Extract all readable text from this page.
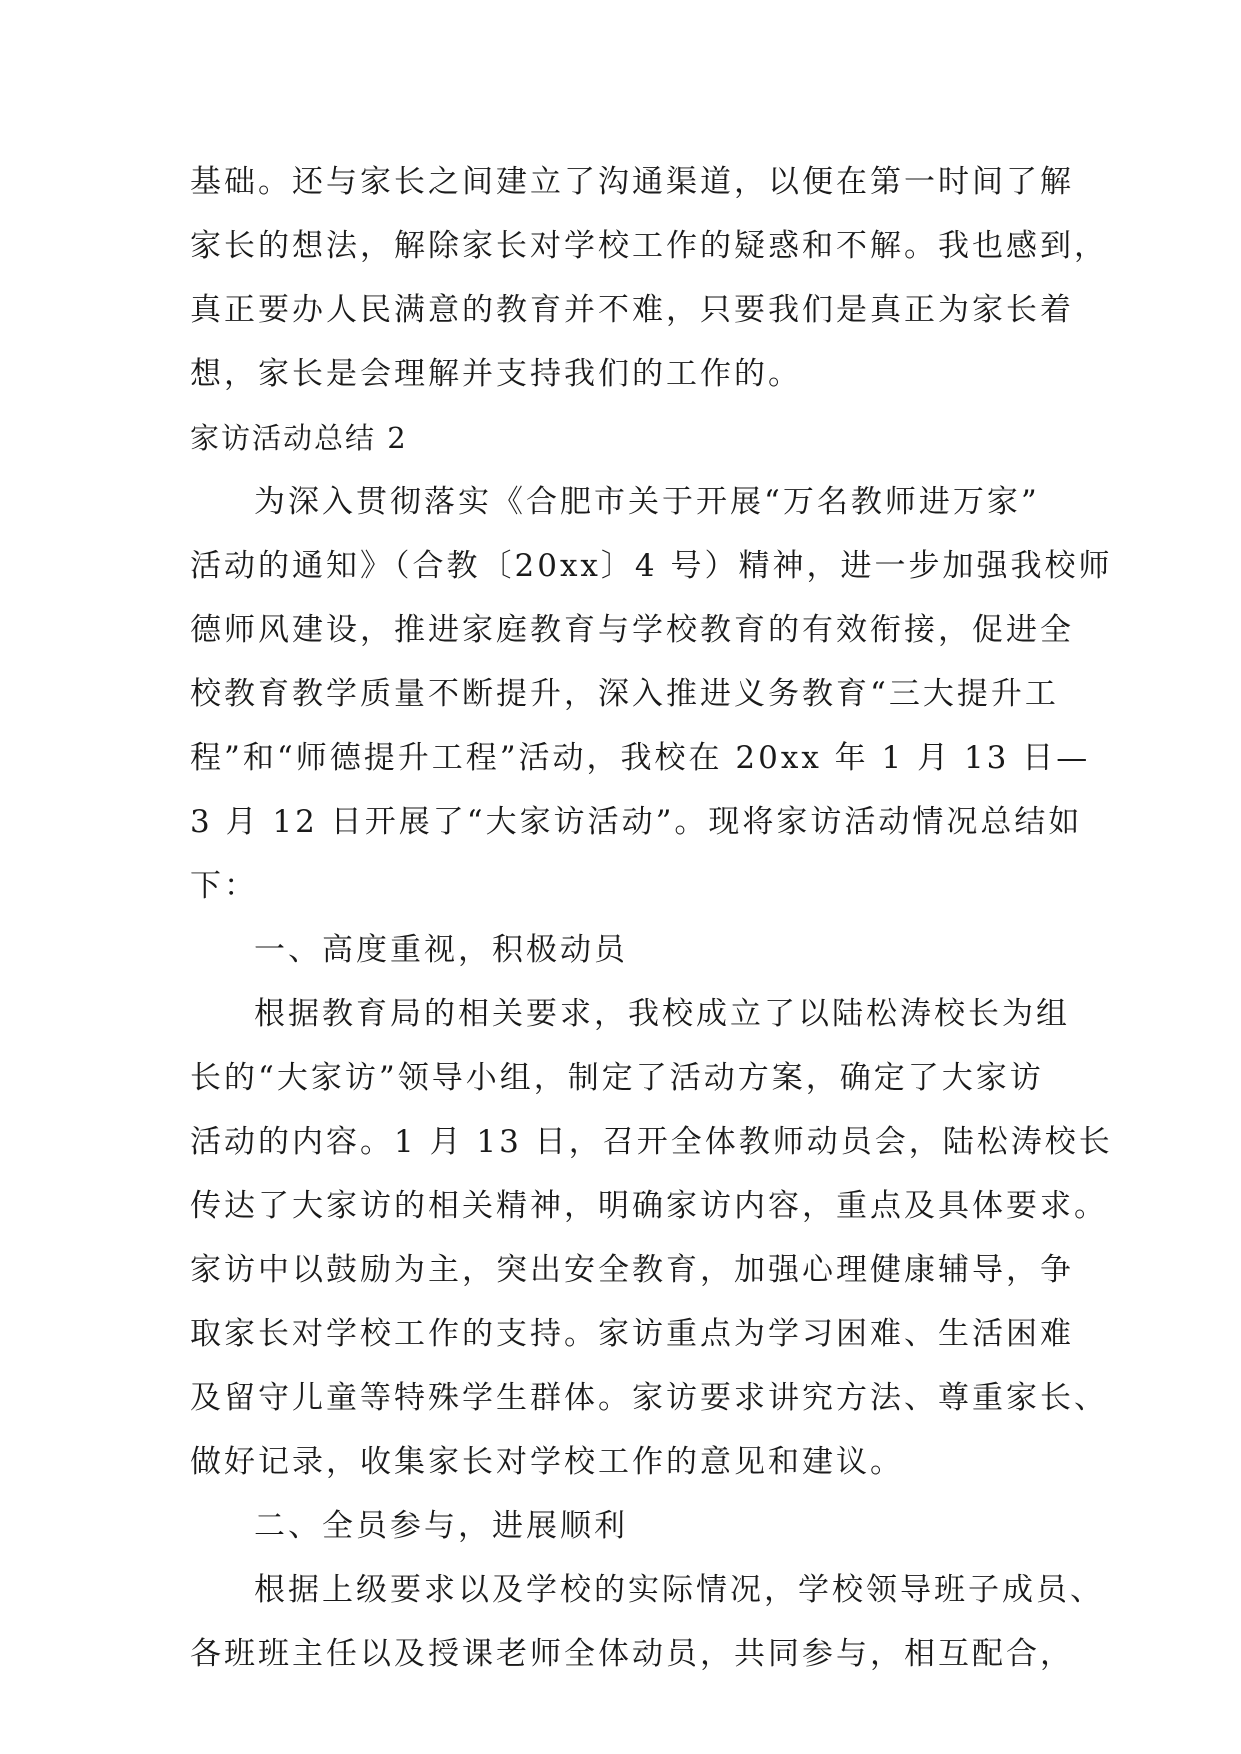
基础。还与家长之间建立了沟通渠道，以便在第一时间了解
家长的想法，解除家长对学校工作的疑惑和不解。我也感到，
真正要办人民满意的教育并不难，只要我们是真正为家长着
想，家长是会理解并支持我们的工作的。
家访活动总结 2
为深入贯彻落实《合肥市关于开展“万名教师进万家”
活动的通知》（合教〔20xx〕4 号）精神，进一步加强我校师
德师风建设，推进家庭教育与学校教育的有效衔接，促进全
校教育教学质量不断提升，深入推进义务教育“三大提升工
程”和“师德提升工程”活动，我校在 20xx 年 1 月 13 日—
3 月 12 日开展了“大家访活动”。现将家访活动情况总结如
下：
一、高度重视，积极动员
根据教育局的相关要求，我校成立了以陆松涛校长为组
长的“大家访”领导小组，制定了活动方案，确定了大家访
活动的内容。1 月 13 日，召开全体教师动员会，陆松涛校长
传达了大家访的相关精神，明确家访内容，重点及具体要求。
家访中以鼓励为主，突出安全教育，加强心理健康辅导，争
取家长对学校工作的支持。家访重点为学习困难、生活困难
及留守儿童等特殊学生群体。家访要求讲究方法、尊重家长、
做好记录，收集家长对学校工作的意见和建议。
二、全员参与，进展顺利
根据上级要求以及学校的实际情况，学校领导班子成员、
各班班主任以及授课老师全体动员，共同参与，相互配合，
